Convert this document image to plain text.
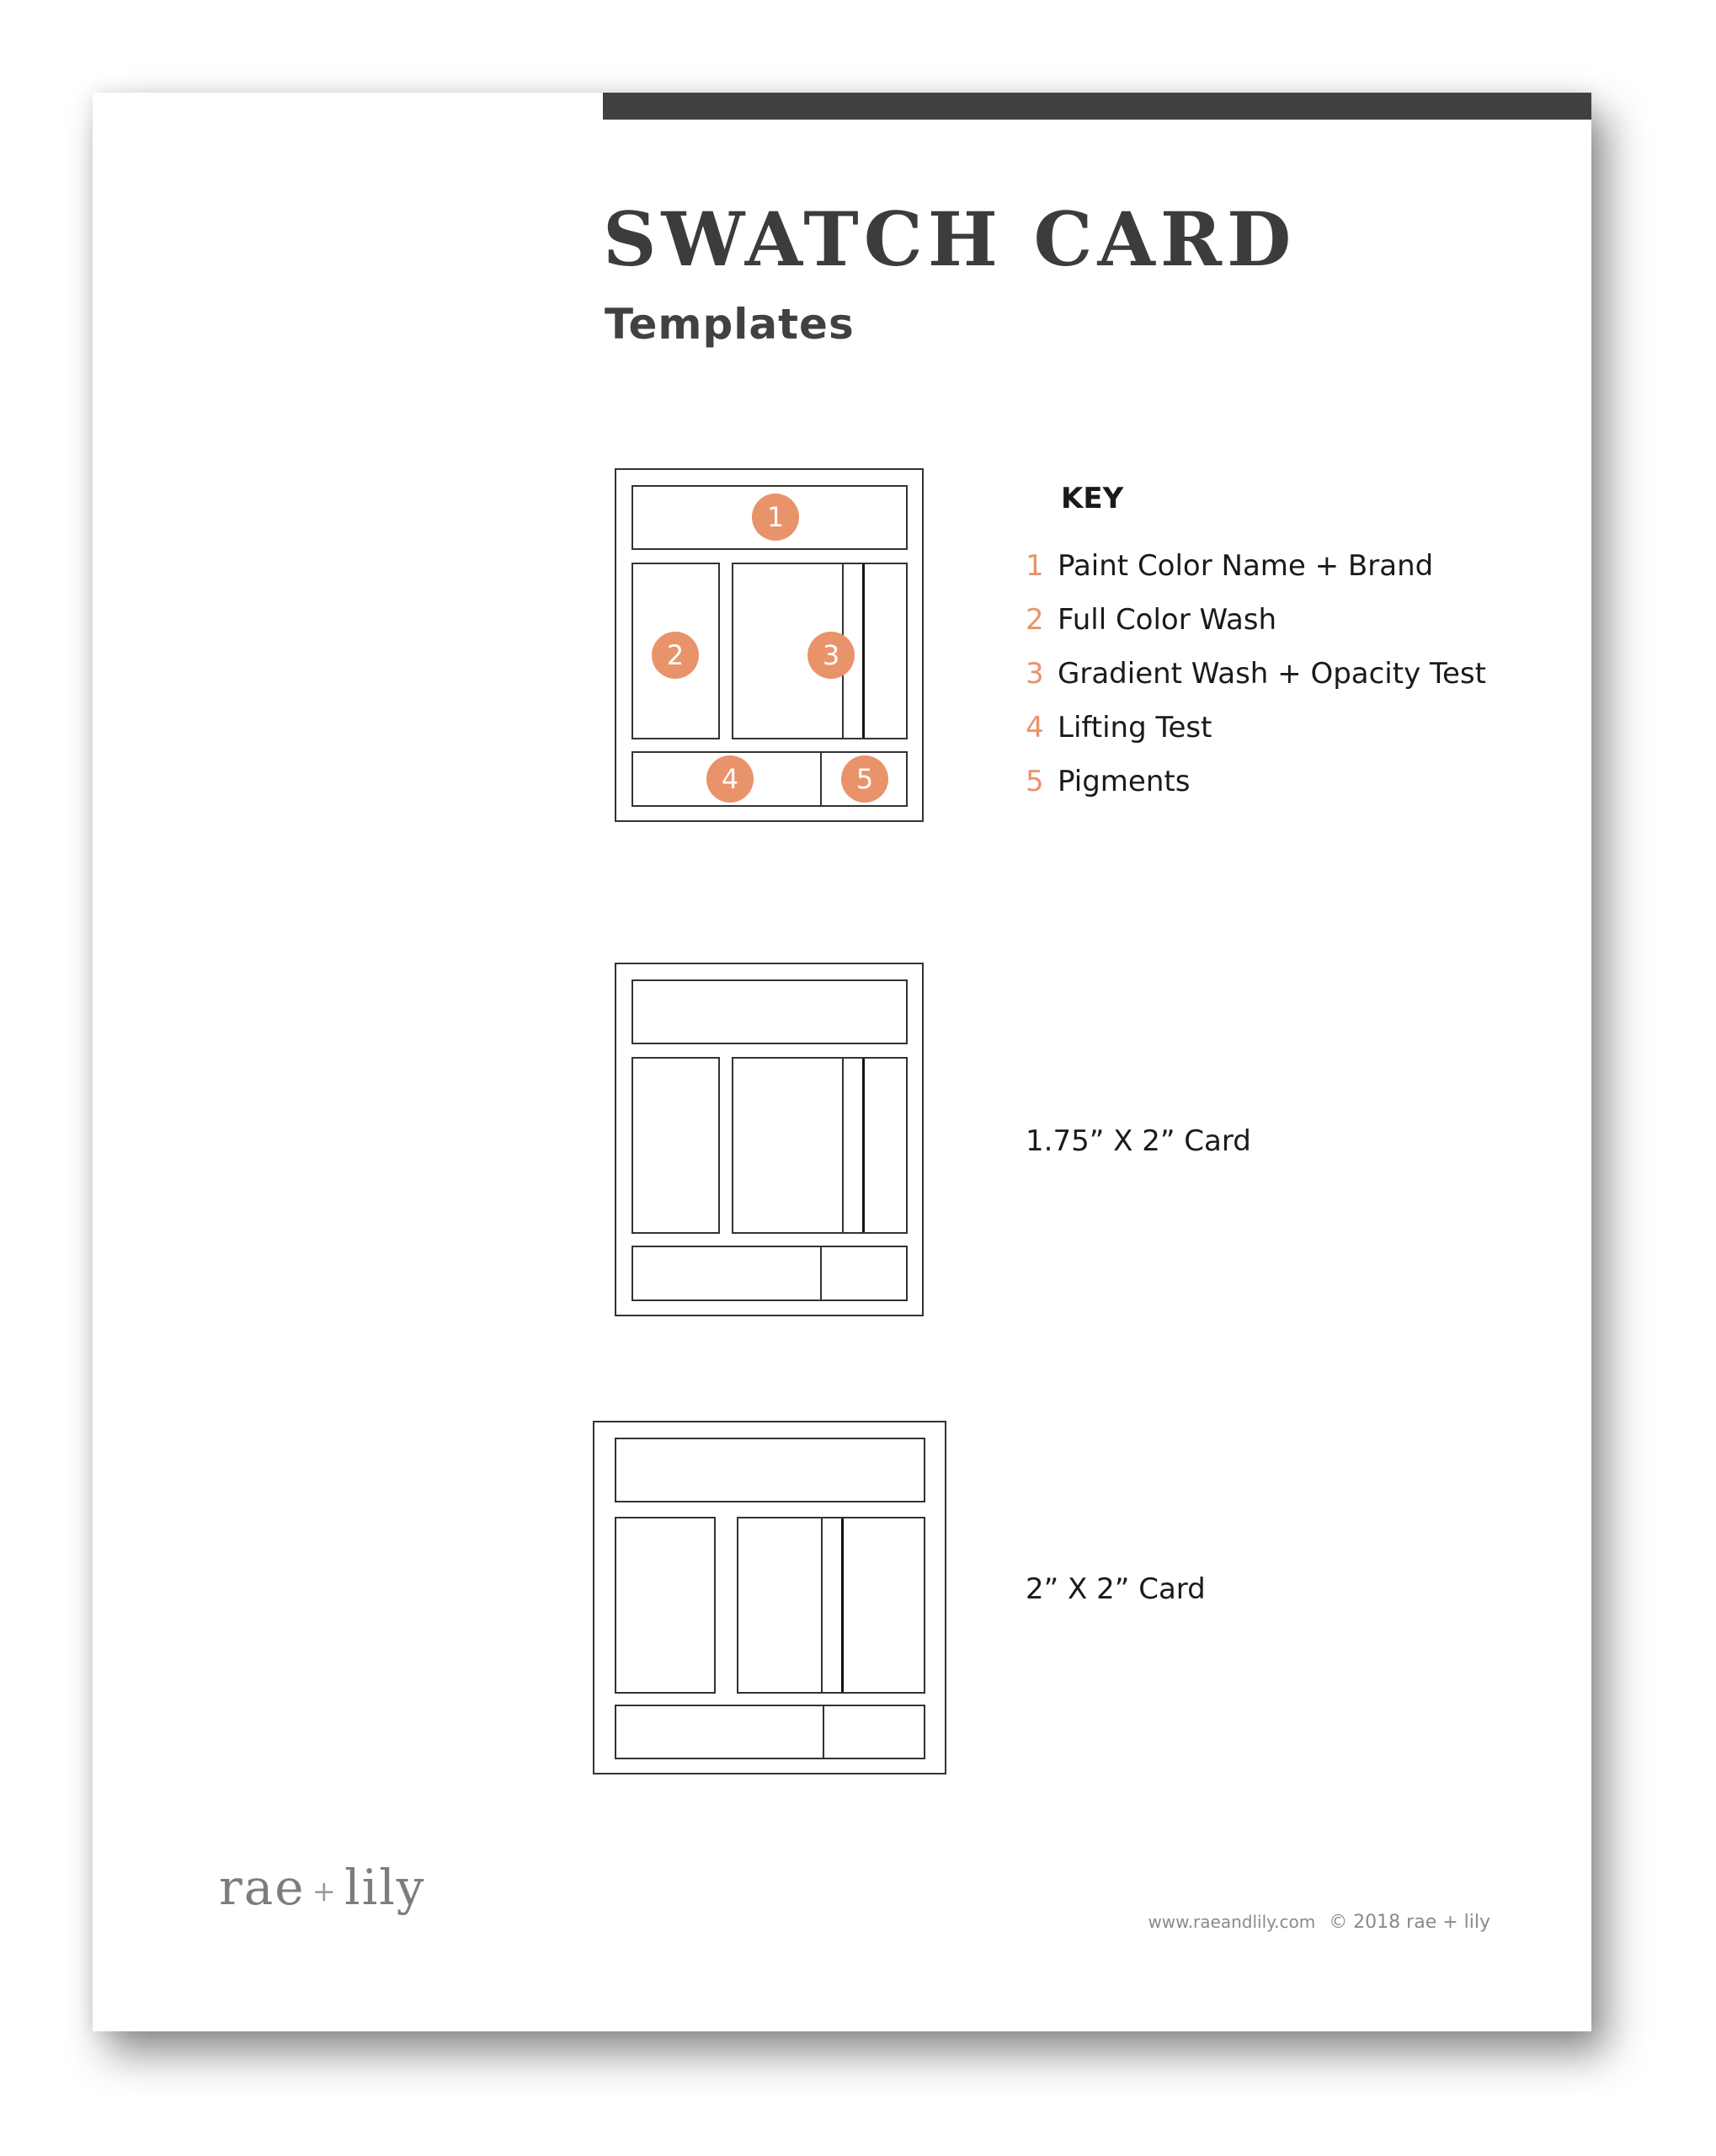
SWATCH CARD
Templates
1
2	3
4	5
KEY
1 Paint Color Name + Brand
2 Full Color Wash
3 Gradient Wash + Opacity Test
4 Lifting Test
5 Pigments
1.75” X 2” Card
2” X 2” Card
rae + lily
www.raeandlily.com © 2018 rae + lily
